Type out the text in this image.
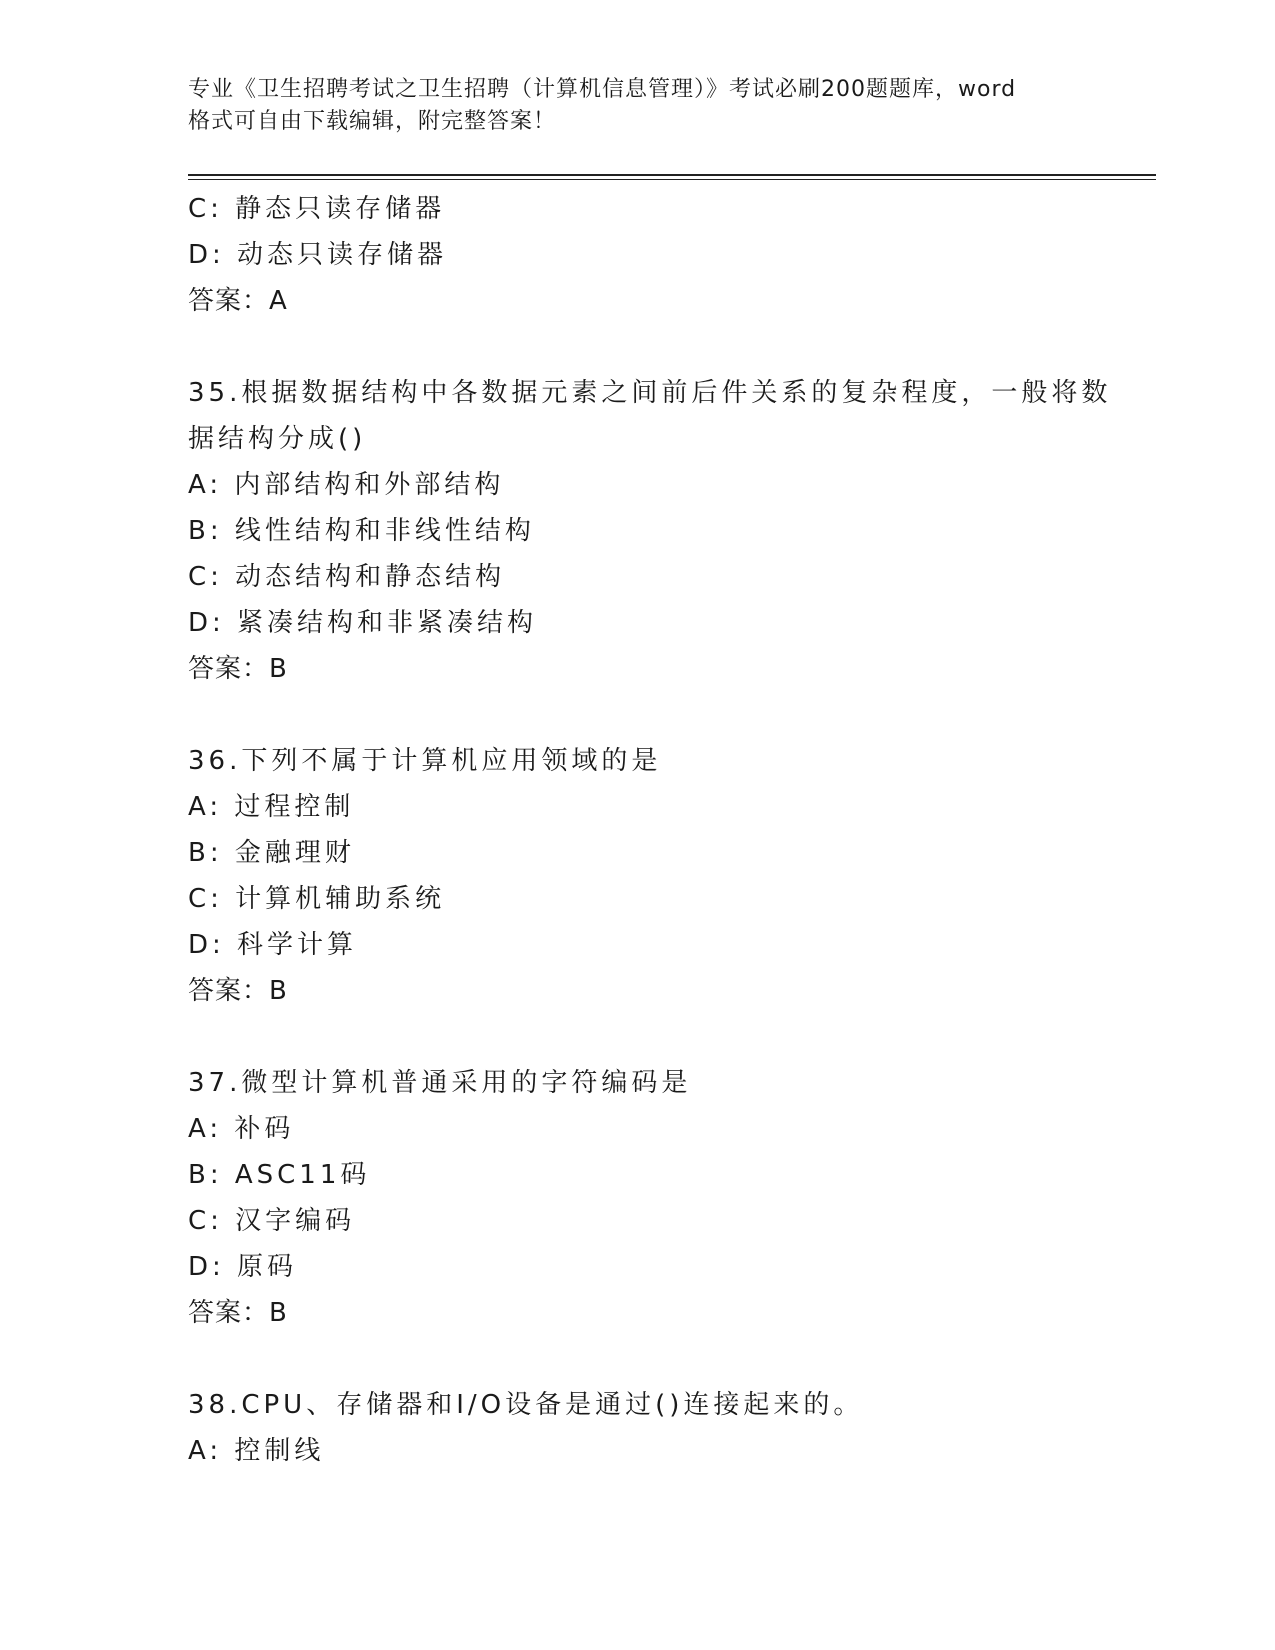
专业《卫生招聘考试之卫生招聘（计算机信息管理）》考试必刷200题题库，word
格式可自由下载编辑，附完整答案！
C: 静态只读存储器
D: 动态只读存储器
答案：A
35.根据数据结构中各数据元素之间前后件关系的复杂程度，一般将数
据结构分成()
A: 内部结构和外部结构
B: 线性结构和非线性结构
C: 动态结构和静态结构
D: 紧凑结构和非紧凑结构
答案：B
36.下列不属于计算机应用领域的是
A: 过程控制
B: 金融理财
C: 计算机辅助系统
D: 科学计算
答案：B
37.微型计算机普通采用的字符编码是
A: 补码
B: ASC11码
C: 汉字编码
D: 原码
答案：B
38.CPU、存储器和I/O设备是通过()连接起来的。
A: 控制线
